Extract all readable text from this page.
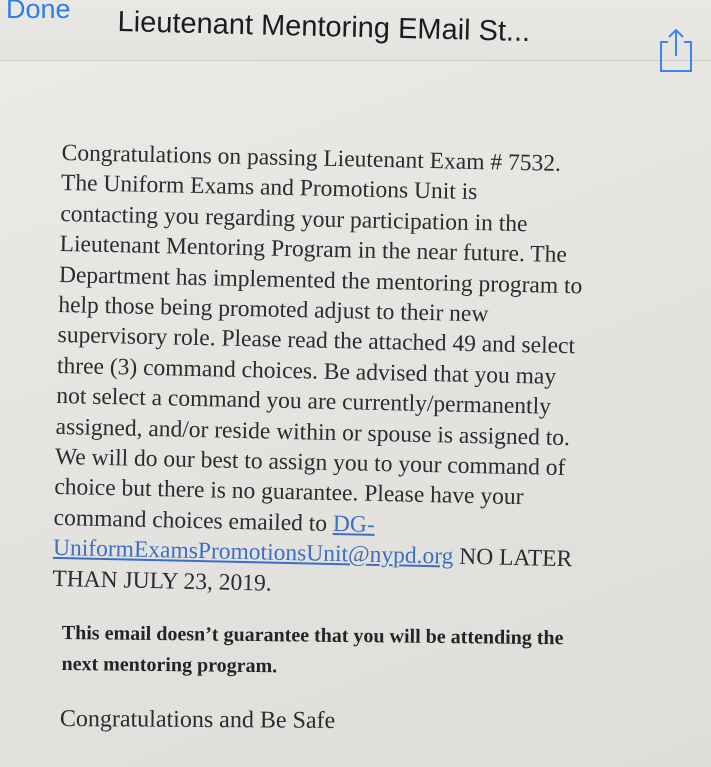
Done Lieutenant Mentoring EMail St...
Congratulations on passing Lieutenant Exam # 7532.
The Uniform Exams and Promotions Unit is
contacting you regarding your participation in the
Lieutenant Mentoring Program in the near future. The
Department has implemented the mentoring program to
help those being promoted adjust to their new
supervisory role. Please read the attached 49 and select
three (3) command choices. Be advised that you may
not select a command you are currently/permanently
assigned, and/or reside within or spouse is assigned to.
We will do our best to assign you to your command of
choice but there is no guarantee. Please have your
command choices emailed to DG-
UniformExamsPromotionsUnit@nypd.org NO LATER
THAN JULY 23, 2019.
This email doesn’t guarantee that you will be attending the
next mentoring program.
Congratulations and Be Safe
